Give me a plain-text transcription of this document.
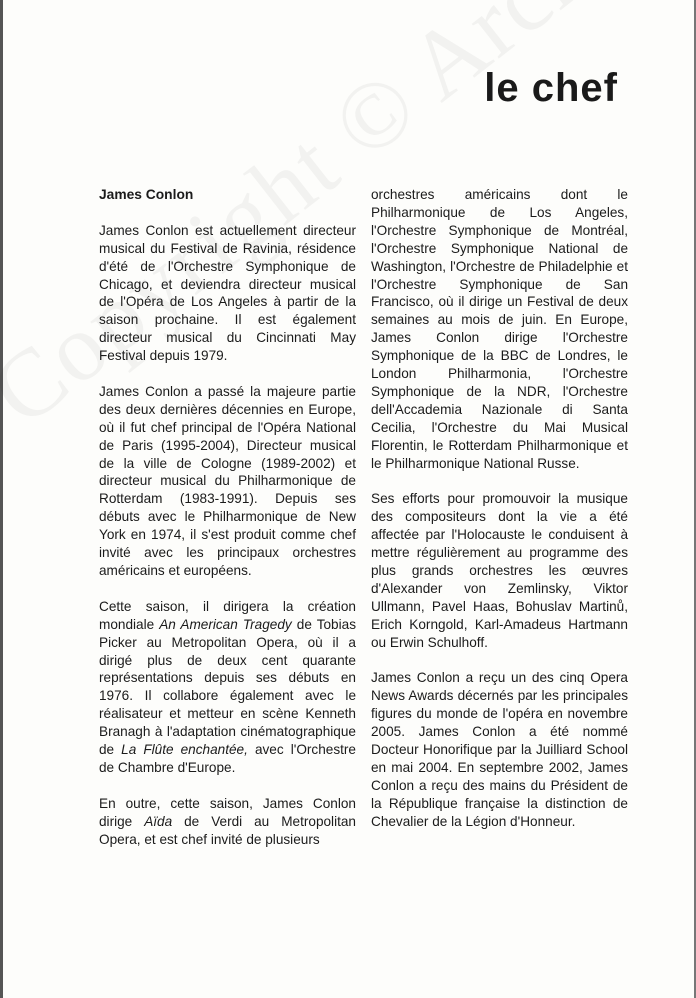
le chef
James Conlon

James Conlon est actuellement directeur musical du Festival de Ravinia, résidence d'été de l'Orchestre Symphonique de Chicago, et deviendra directeur musical de l'Opéra de Los Angeles à partir de la saison prochaine. Il est également directeur musical du Cincinnati May Festival depuis 1979.

James Conlon a passé la majeure partie des deux dernières décennies en Europe, où il fut chef principal de l'Opéra National de Paris (1995-2004), Directeur musical de la ville de Cologne (1989-2002) et directeur musical du Philharmonique de Rotterdam (1983-1991). Depuis ses débuts avec le Philharmonique de New York en 1974, il s'est produit comme chef invité avec les principaux orchestres américains et européens.

Cette saison, il dirigera la création mondiale An American Tragedy de Tobias Picker au Metropolitan Opera, où il a dirigé plus de deux cent quarante représentations depuis ses débuts en 1976. Il collabore également avec le réalisateur et metteur en scène Kenneth Branagh à l'adaptation cinématographique de La Flûte enchantée, avec l'Orchestre de Chambre d'Europe.

En outre, cette saison, James Conlon dirige Aïda de Verdi au Metropolitan Opera, et est chef invité de plusieurs

orchestres américains dont le Philharmonique de Los Angeles, l'Orchestre Symphonique de Montréal, l'Orchestre Symphonique National de Washington, l'Orchestre de Philadelphie et l'Orchestre Symphonique de San Francisco, où il dirige un Festival de deux semaines au mois de juin. En Europe, James Conlon dirige l'Orchestre Symphonique de la BBC de Londres, le London Philharmonia, l'Orchestre Symphonique de la NDR, l'Orchestre dell'Accademia Nazionale di Santa Cecilia, l'Orchestre du Mai Musical Florentin, le Rotterdam Philharmonique et le Philharmonique National Russe.

Ses efforts pour promouvoir la musique des compositeurs dont la vie a été affectée par l'Holocauste le conduisent à mettre régulièrement au programme des plus grands orchestres les œuvres d'Alexander von Zemlinsky, Viktor Ullmann, Pavel Haas, Bohuslav Martinů, Erich Korngold, Karl-Amadeus Hartmann ou Erwin Schulhoff.

James Conlon a reçu un des cinq Opera News Awards décernés par les principales figures du monde de l'opéra en novembre 2005. James Conlon a été nommé Docteur Honorifique par la Juilliard School en mai 2004. En septembre 2002, James Conlon a reçu des mains du Président de la République française la distinction de Chevalier de la Légion d'Honneur.
